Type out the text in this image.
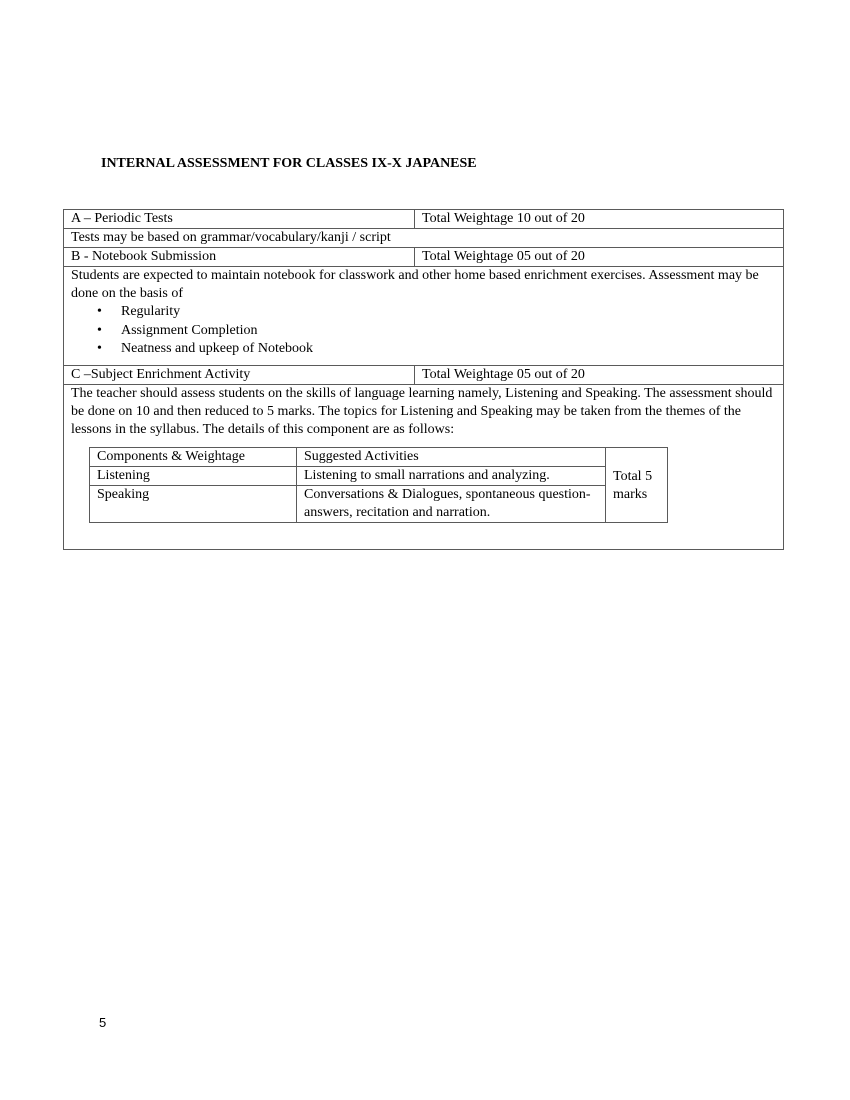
INTERNAL ASSESSMENT FOR CLASSES IX-X JAPANESE
A – Periodic Tests	Total Weightage 10 out of 20
Tests may be based on grammar/vocabulary/kanji / script
B - Notebook Submission	Total Weightage 05 out of 20

Students are expected to maintain notebook for classwork and other home based enrichment exercises. Assessment may be done on the basis of

• Regularity
• Assignment Completion
• Neatness and upkeep of Notebook

C –Subject Enrichment Activity	Total Weightage 05 out of 20

The teacher should assess students on the skills of language learning namely, Listening and Speaking. The assessment should be done on 10 and then reduced to 5 marks. The topics for Listening and Speaking may be taken from the themes of the lessons in the syllabus. The details of this component are as follows:

Components & Weightage	Suggested Activities	Total 5 marks
Listening	Listening to small narrations and analyzing.
Speaking	Conversations & Dialogues, spontaneous question-answers, recitation and narration.
5
